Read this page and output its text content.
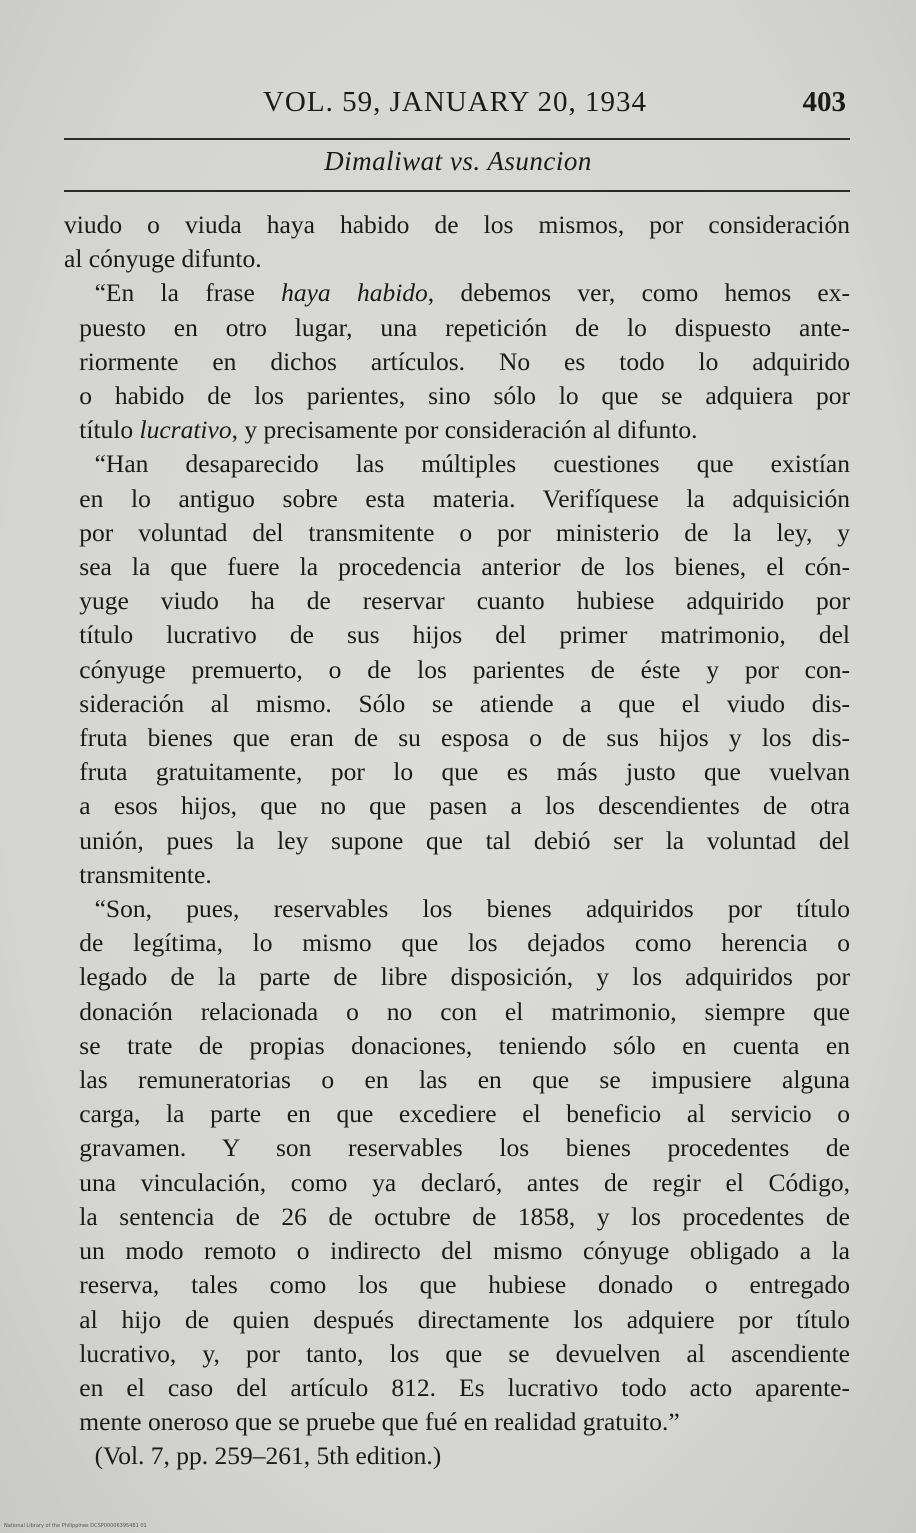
VOL. 59, JANUARY 20, 1934	403
Dimaliwat vs. Asuncion
viudo o viuda haya habido de los mismos, por consideración
al cónyuge difunto.
“En la frase haya habido, debemos ver, como hemos ex-
puesto en otro lugar, una repetición de lo dispuesto ante-
riormente en dichos artículos. No es todo lo adquirido
o habido de los parientes, sino sólo lo que se adquiera por
título lucrativo, y precisamente por consideración al difunto.
“Han desaparecido las múltiples cuestiones que existían
en lo antiguo sobre esta materia. Verifíquese la adquisición
por voluntad del transmitente o por ministerio de la ley, y
sea la que fuere la procedencia anterior de los bienes, el cón-
yuge viudo ha de reservar cuanto hubiese adquirido por
título lucrativo de sus hijos del primer matrimonio, del
cónyuge premuerto, o de los parientes de éste y por con-
sideración al mismo. Sólo se atiende a que el viudo dis-
fruta bienes que eran de su esposa o de sus hijos y los dis-
fruta gratuitamente, por lo que es más justo que vuelvan
a esos hijos, que no que pasen a los descendientes de otra
unión, pues la ley supone que tal debió ser la voluntad del
transmitente.
“Son, pues, reservables los bienes adquiridos por título
de legítima, lo mismo que los dejados como herencia o
legado de la parte de libre disposición, y los adquiridos por
donación relacionada o no con el matrimonio, siempre que
se trate de propias donaciones, teniendo sólo en cuenta en
las remuneratorias o en las en que se impusiere alguna
carga, la parte en que excediere el beneficio al servicio o
gravamen. Y son reservables los bienes procedentes de
una vinculación, como ya declaró, antes de regir el Código,
la sentencia de 26 de octubre de 1858, y los procedentes de
un modo remoto o indirecto del mismo cónyuge obligado a la
reserva, tales como los que hubiese donado o entregado
al hijo de quien después directamente los adquiere por título
lucrativo, y, por tanto, los que se devuelven al ascendiente
en el caso del artículo 812. Es lucrativo todo acto aparente-
mente oneroso que se pruebe que fué en realidad gratuito.”
(Vol. 7, pp. 259–261, 5th edition.)
National Library of the Philippines DCSP00006395481 01
